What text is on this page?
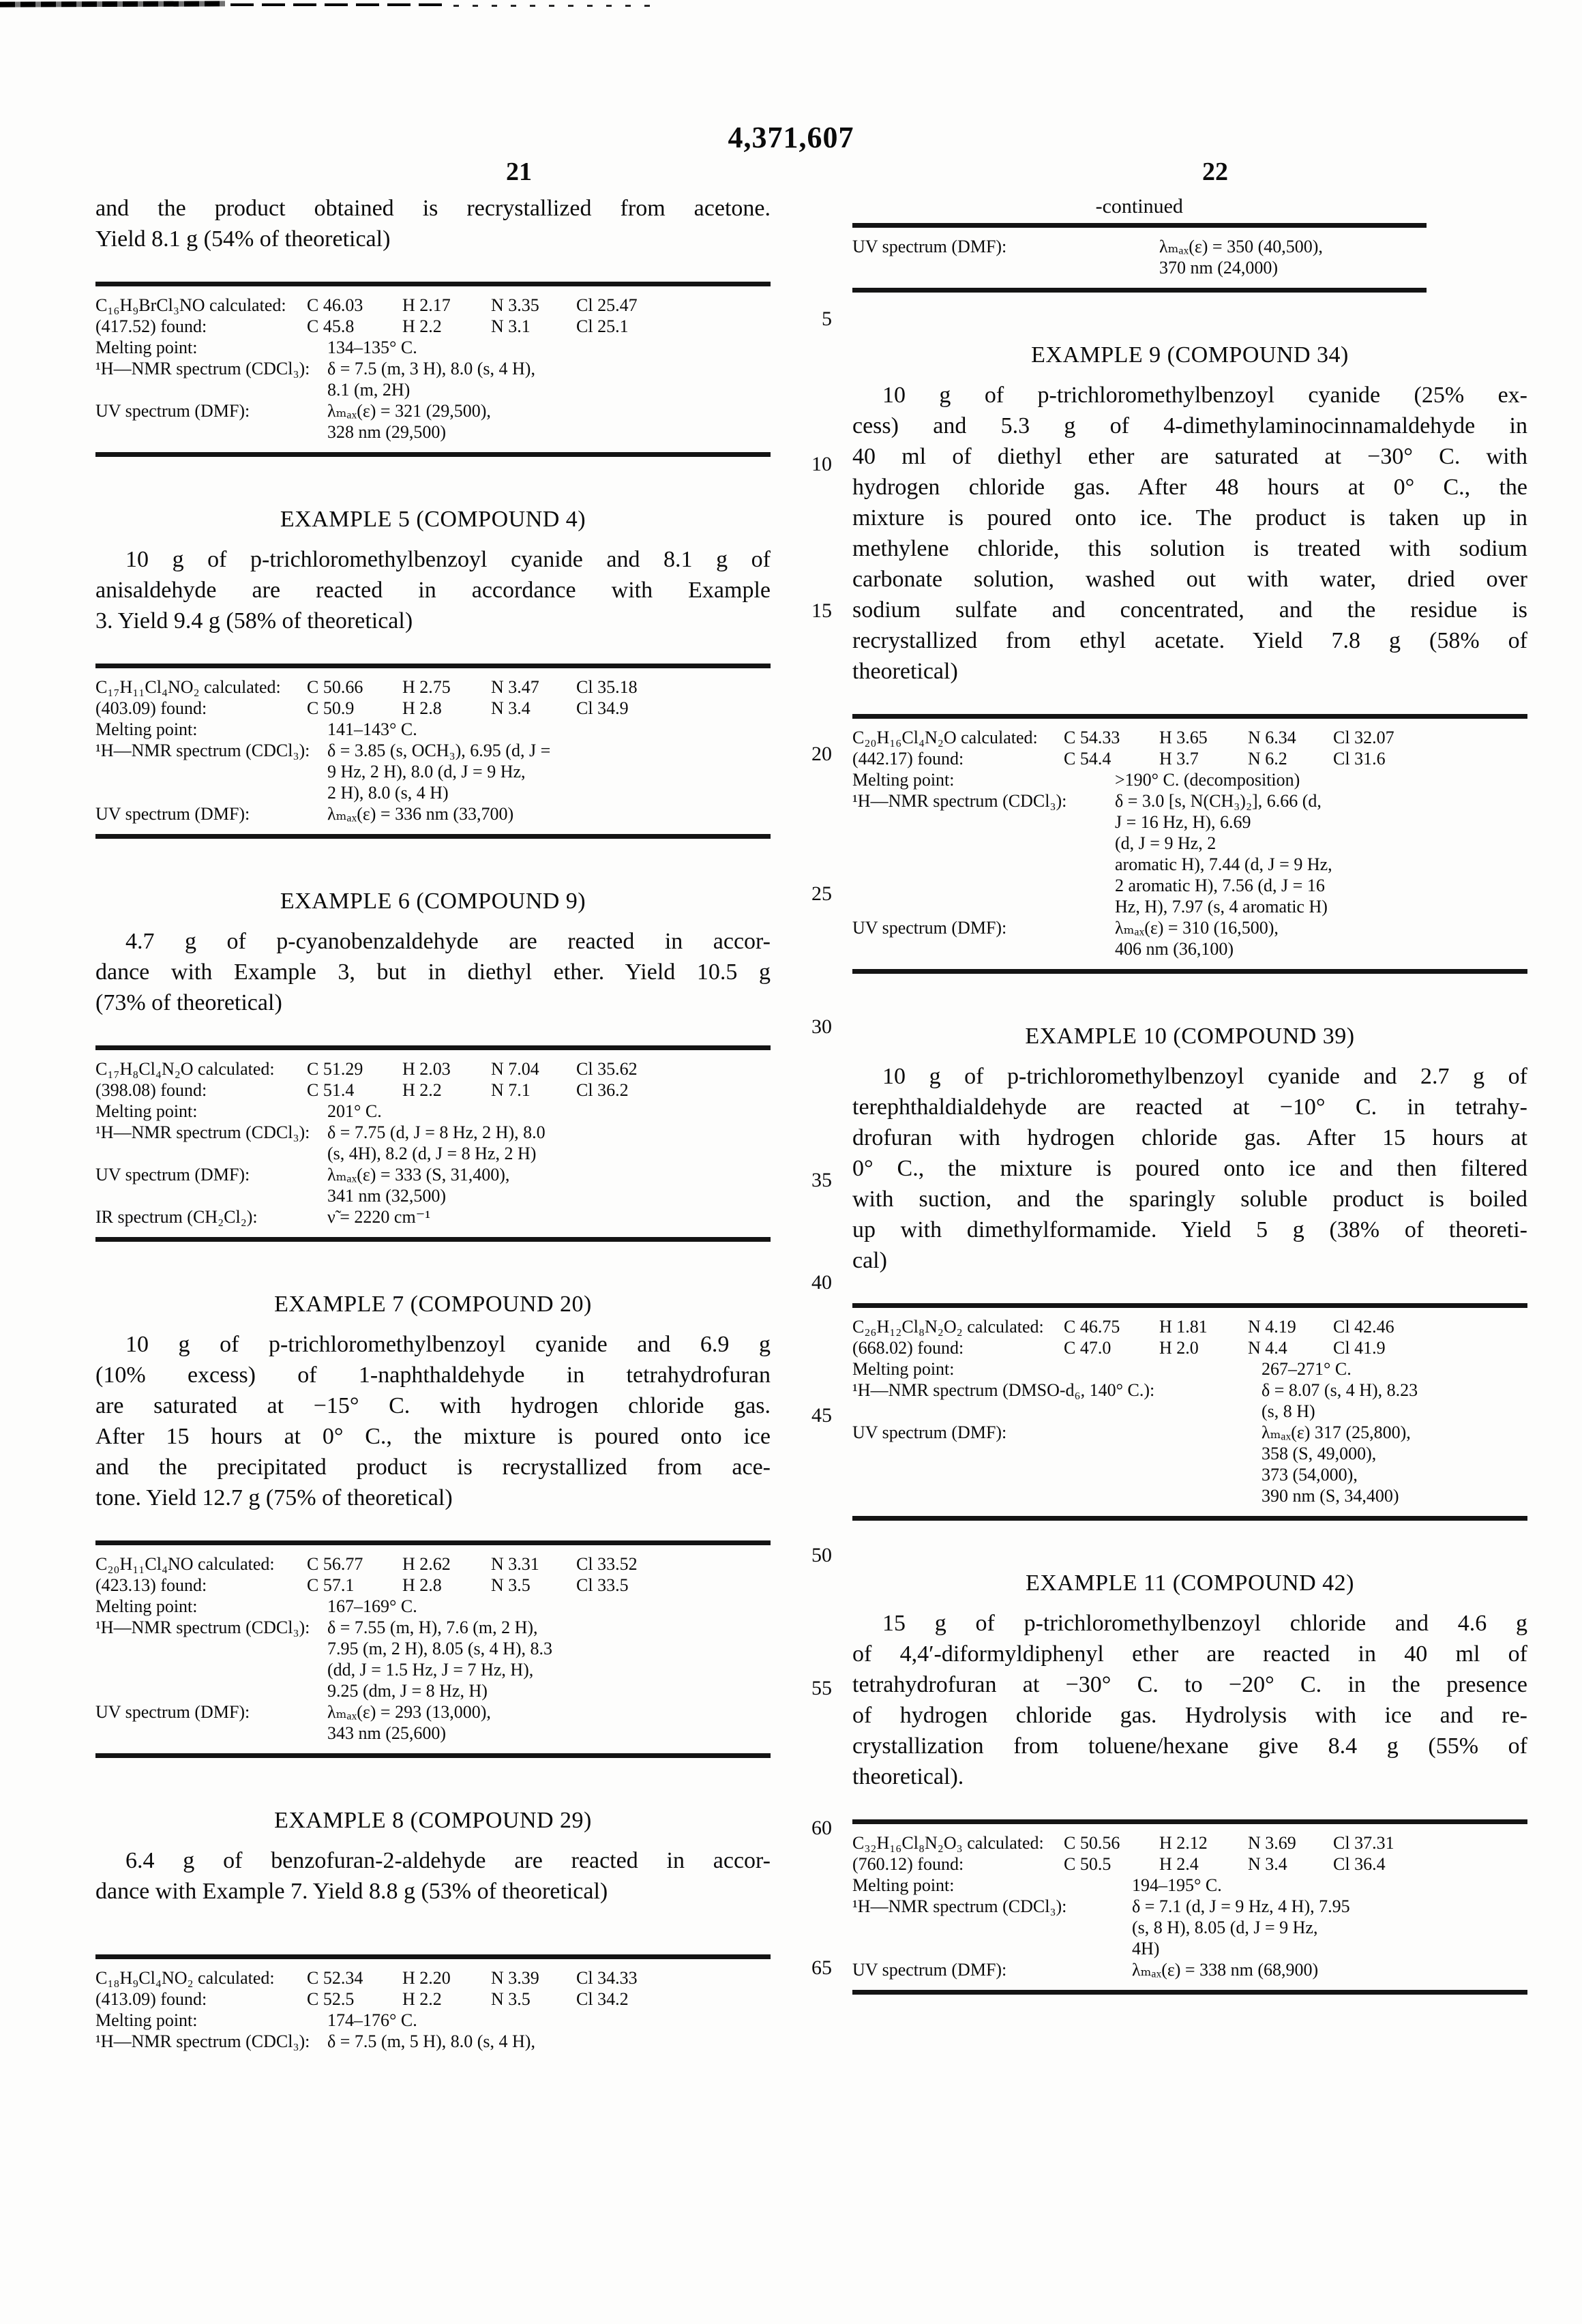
4,371,607
21	22
5
10
15
20
25
30
35
40
45
50
55
60
65
and the product obtained is recrystallized from acetone.
Yield 8.1 g (54% of theoretical)
C₁₆H₉BrCl₃NO calculated:	C 46.03	H 2.17	N 3.35	Cl 25.47
(417.52) found:	C 45.8	H 2.2	N 3.1	Cl 25.1
Melting point:	134–135° C.
¹H—NMR spectrum (CDCl₃): δ = 7.5 (m, 3 H), 8.0 (s, 4 H),
8.1 (m, 2H)
UV spectrum (DMF):	λₘₐₓ(ε) = 321 (29,500),
328 nm (29,500)
EXAMPLE 5 (COMPOUND 4)
10 g of p-trichloromethylbenzoyl cyanide and 8.1 g of
anisaldehyde are reacted in accordance with Example
3. Yield 9.4 g (58% of theoretical)
C₁₇H₁₁Cl₄NO₂ calculated:	C 50.66	H 2.75	N 3.47	Cl 35.18
(403.09) found:	C 50.9	H 2.8	N 3.4	Cl 34.9
Melting point:	141–143° C.
¹H—NMR spectrum (CDCl₃): δ = 3.85 (s, OCH₃), 6.95 (d, J =
9 Hz, 2 H), 8.0 (d, J = 9 Hz,
2 H), 8.0 (s, 4 H)
UV spectrum (DMF):	λₘₐₓ(ε) = 336 nm (33,700)
EXAMPLE 6 (COMPOUND 9)
4.7 g of p-cyanobenzaldehyde are reacted in accor-
dance with Example 3, but in diethyl ether. Yield 10.5 g
(73% of theoretical)
C₁₇H₈Cl₄N₂O calculated:	C 51.29	H 2.03	N 7.04	Cl 35.62
(398.08) found:	C 51.4	H 2.2	N 7.1	Cl 36.2
Melting point:	201° C.
¹H—NMR spectrum (CDCl₃): δ = 7.75 (d, J = 8 Hz, 2 H), 8.0
(s, 4H), 8.2 (d, J = 8 Hz, 2 H)
UV spectrum (DMF):	λₘₐₓ(ε) = 333 (S, 31,400),
341 nm (32,500)
IR spectrum (CH₂Cl₂):	ν̃ = 2220 cm⁻¹
EXAMPLE 7 (COMPOUND 20)
10 g of p-trichloromethylbenzoyl cyanide and 6.9 g
(10% excess) of 1-naphthaldehyde in tetrahydrofuran
are saturated at −15° C. with hydrogen chloride gas.
After 15 hours at 0° C., the mixture is poured onto ice
and the precipitated product is recrystallized from ace-
tone. Yield 12.7 g (75% of theoretical)
C₂₀H₁₁Cl₄NO calculated:	C 56.77	H 2.62	N 3.31	Cl 33.52
(423.13) found:	C 57.1	H 2.8	N 3.5	Cl 33.5
Melting point:	167–169° C.
¹H—NMR spectrum (CDCl₃): δ = 7.55 (m, H), 7.6 (m, 2 H),
7.95 (m, 2 H), 8.05 (s, 4 H), 8.3
(dd, J = 1.5 Hz, J = 7 Hz, H),
9.25 (dm, J = 8 Hz, H)
UV spectrum (DMF):	λₘₐₓ(ε) = 293 (13,000),
343 nm (25,600)
EXAMPLE 8 (COMPOUND 29)
6.4 g of benzofuran-2-aldehyde are reacted in accor-
dance with Example 7. Yield 8.8 g (53% of theoretical)
C₁₈H₉Cl₄NO₂ calculated:	C 52.34	H 2.20	N 3.39	Cl 34.33
(413.09) found:	C 52.5	H 2.2	N 3.5	Cl 34.2
Melting point:	174–176° C.
¹H—NMR spectrum (CDCl₃): δ = 7.5 (m, 5 H), 8.0 (s, 4 H),
-continued
UV spectrum (DMF):	λₘₐₓ(ε) = 350 (40,500),
370 nm (24,000)
EXAMPLE 9 (COMPOUND 34)
10 g of p-trichloromethylbenzoyl cyanide (25% ex-
cess) and 5.3 g of 4-dimethylaminocinnamaldehyde in
40 ml of diethyl ether are saturated at −30° C. with
hydrogen chloride gas. After 48 hours at 0° C., the
mixture is poured onto ice. The product is taken up in
methylene chloride, this solution is treated with sodium
carbonate solution, washed out with water, dried over
sodium sulfate and concentrated, and the residue is
recrystallized from ethyl acetate. Yield 7.8 g (58% of
theoretical)
C₂₀H₁₆Cl₄N₂O calculated:	C 54.33	H 3.65	N 6.34	Cl 32.07
(442.17) found:	C 54.4	H 3.7	N 6.2	Cl 31.6
Melting point:	>190° C. (decomposition)
¹H—NMR spectrum (CDCl₃):	δ = 3.0 [s, N(CH₃)₂], 6.66 (d,
J = 16 Hz, H), 6.69
(d, J = 9 Hz, 2
aromatic H), 7.44 (d, J = 9 Hz,
2 aromatic H), 7.56 (d, J = 16
Hz, H), 7.97 (s, 4 aromatic H)
UV spectrum (DMF):	λₘₐₓ(ε) = 310 (16,500),
406 nm (36,100)
EXAMPLE 10 (COMPOUND 39)
10 g of p-trichloromethylbenzoyl cyanide and 2.7 g of
terephthaldialdehyde are reacted at −10° C. in tetrahy-
drofuran with hydrogen chloride gas. After 15 hours at
0° C., the mixture is poured onto ice and then filtered
with suction, and the sparingly soluble product is boiled
up with dimethylformamide. Yield 5 g (38% of theoreti-
cal)
C₂₆H₁₂Cl₈N₂O₂ calculated:	C 46.75	H 1.81	N 4.19	Cl 42.46
(668.02) found:	C 47.0	H 2.0	N 4.4	Cl 41.9
Melting point:	267–271° C.
¹H—NMR spectrum (DMSO-d₆, 140° C.):	δ = 8.07 (s, 4 H), 8.23
(s, 8 H)
UV spectrum (DMF):	λₘₐₓ(ε) 317 (25,800),
358 (S, 49,000),
373 (54,000),
390 nm (S, 34,400)
EXAMPLE 11 (COMPOUND 42)
15 g of p-trichloromethylbenzoyl chloride and 4.6 g
of 4,4′-diformyldiphenyl ether are reacted in 40 ml of
tetrahydrofuran at −30° C. to −20° C. in the presence
of hydrogen chloride gas. Hydrolysis with ice and re-
crystallization from toluene/hexane give 8.4 g (55% of
theoretical).
C₃₂H₁₆Cl₈N₂O₃ calculated:	C 50.56	H 2.12	N 3.69	Cl 37.31
(760.12) found:	C 50.5	H 2.4	N 3.4	Cl 36.4
Melting point:	194–195° C.
¹H—NMR spectrum (CDCl₃):	δ = 7.1 (d, J = 9 Hz, 4 H), 7.95
(s, 8 H), 8.05 (d, J = 9 Hz,
4H)
UV spectrum (DMF):	λₘₐₓ(ε) = 338 nm (68,900)
